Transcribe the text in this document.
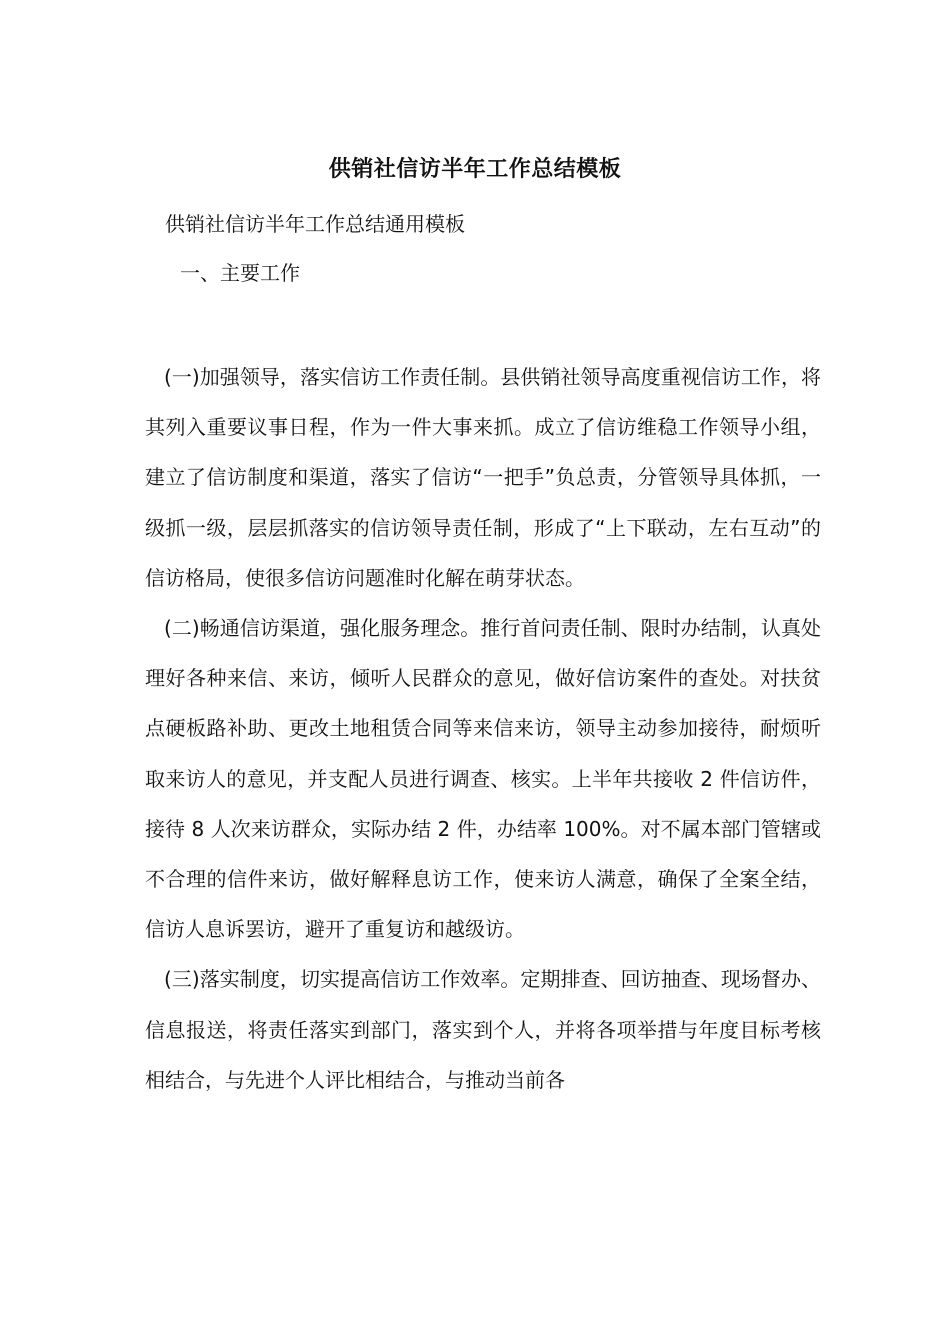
供销社信访半年工作总结模板
供销社信访半年工作总结通用模板
一、主要工作

(一)加强领导，落实信访工作责任制。县供销社领导高度重视信访工作，将其列入重要议事日程，作为一件大事来抓。成立了信访维稳工作领导小组，建立了信访制度和渠道，落实了信访“一把手”负总责，分管领导具体抓，一级抓一级，层层抓落实的信访领导责任制，形成了“上下联动，左右互动”的信访格局，使很多信访问题准时化解在萌芽状态。

(二)畅通信访渠道，强化服务理念。推行首问责任制、限时办结制，认真处理好各种来信、来访，倾听人民群众的意见，做好信访案件的查处。对扶贫点硬板路补助、更改土地租赁合同等来信来访，领导主动参加接待，耐烦听取来访人的意见，并支配人员进行调查、核实。上半年共接收 2 件信访件，接待 8 人次来访群众，实际办结 2 件，办结率 100%。对不属本部门管辖或不合理的信件来访，做好解释息访工作，使来访人满意，确保了全案全结，信访人息诉罢访，避开了重复访和越级访。

(三)落实制度，切实提高信访工作效率。定期排查、回访抽查、现场督办、信息报送，将责任落实到部门，落实到个人，并将各项举措与年度目标考核相结合，与先进个人评比相结合，与推动当前各
